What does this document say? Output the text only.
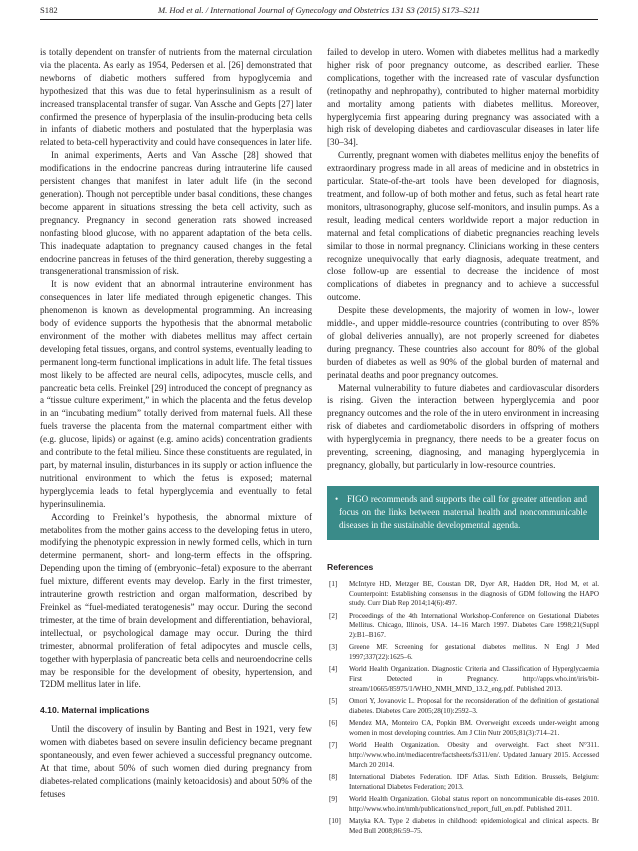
S182	M. Hod et al. / International Journal of Gynecology and Obstetrics 131 S3 (2015) S173–S211

is totally dependent on transfer of nutrients from the maternal circulation via the placenta. As early as 1954, Pedersen et al. [26] demonstrated that newborns of diabetic mothers suffered from hypoglycemia and hypothesized that this was due to fetal hyperinsulinism as a result of increased transplacental transfer of sugar. Van Assche and Gepts [27] later confirmed the presence of hyperplasia of the insulin-producing beta cells in infants of diabetic mothers and postulated that the hyperplasia was related to beta-cell hyperactivity and could have consequences in later life.

In animal experiments, Aerts and Van Assche [28] showed that modifications in the endocrine pancreas during intrauterine life caused persistent changes that manifest in later adult life (in the second generation). Though not perceptible under basal conditions, these changes become apparent in situations stressing the beta cell activity, such as pregnancy. Pregnancy in second generation rats showed increased nonfasting blood glucose, with no apparent adaptation of the beta cells. This inadequate adaptation to pregnancy caused changes in the fetal endocrine pancreas in fetuses of the third generation, thereby suggesting a transgenerational transmission of risk.

It is now evident that an abnormal intrauterine environment has consequences in later life mediated through epigenetic changes. This phenomenon is known as developmental programming. An increasing body of evidence supports the hypothesis that the abnormal metabolic environment of the mother with diabetes mellitus may affect certain developing fetal tissues, organs, and control systems, eventually leading to permanent long-term functional implications in adult life. The fetal tissues most likely to be affected are neural cells, adipocytes, muscle cells, and pancreatic beta cells. Freinkel [29] introduced the concept of pregnancy as a “tissue culture experiment,” in which the placenta and the fetus develop in an “incubating medium” totally derived from maternal fuels. All these fuels traverse the placenta from the maternal compartment either with (e.g. glucose, lipids) or against (e.g. amino acids) concentration gradients and contribute to the fetal milieu. Since these constituents are regulated, in part, by maternal insulin, disturbances in its supply or action influence the nutritional environment to which the fetus is exposed; maternal hyperglycemia leads to fetal hyperglycemia and eventually to fetal hyperinsulinemia.

According to Freinkel’s hypothesis, the abnormal mixture of metabolites from the mother gains access to the developing fetus in utero, modifying the phenotypic expression in newly formed cells, which in turn determine permanent, short- and long-term effects in the offspring. Depending upon the timing of (embryonic–fetal) exposure to the aberrant fuel mixture, different events may develop. Early in the first trimester, intrauterine growth restriction and organ malformation, described by Freinkel as “fuel-mediated teratogenesis” may occur. During the second trimester, at the time of brain development and differentiation, behavioral, intellectual, or psychological damage may occur. During the third trimester, abnormal proliferation of fetal adipocytes and muscle cells, together with hyperplasia of pancreatic beta cells and neuroendocrine cells may be responsible for the development of obesity, hypertension, and T2DM mellitus later in life.

4.10. Maternal implications

Until the discovery of insulin by Banting and Best in 1921, very few women with diabetes based on severe insulin deficiency became pregnant spontaneously, and even fewer achieved a successful pregnancy outcome. At that time, about 50% of such women died during pregnancy from diabetes-related complications (mainly ketoacidosis) and about 50% of the fetuses

failed to develop in utero. Women with diabetes mellitus had a markedly higher risk of poor pregnancy outcome, as described earlier. These complications, together with the increased rate of vascular dysfunction (retinopathy and nephropathy), contributed to higher maternal morbidity and mortality among patients with diabetes mellitus. Moreover, hyperglycemia first appearing during pregnancy was associated with a high risk of developing diabetes and cardiovascular diseases in later life [30–34].

Currently, pregnant women with diabetes mellitus enjoy the benefits of extraordinary progress made in all areas of medicine and in obstetrics in particular. State-of-the-art tools have been developed for diagnosis, treatment, and follow-up of both mother and fetus, such as fetal heart rate monitors, ultrasonography, glucose self-monitors, and insulin pumps. As a result, leading medical centers worldwide report a major reduction in maternal and fetal complications of diabetic pregnancies reaching levels similar to those in normal pregnancy. Clinicians working in these centers recognize unequivocally that early diagnosis, adequate treatment, and close follow-up are essential to decrease the incidence of most complications of diabetes in pregnancy and to achieve a successful outcome.

Despite these developments, the majority of women in low-, lower middle-, and upper middle-resource countries (contributing to over 85% of global deliveries annually), are not properly screened for diabetes during pregnancy. These countries also account for 80% of the global burden of diabetes as well as 90% of the global burden of maternal and perinatal deaths and poor pregnancy outcomes.

Maternal vulnerability to future diabetes and cardiovascular disorders is rising. Given the interaction between hyperglycemia and poor pregnancy outcomes and the role of the in utero environment in increasing risk of diabetes and cardiometabolic disorders in offspring of mothers with hyperglycemia in pregnancy, there needs to be a greater focus on preventing, screening, diagnosing, and managing hyperglycemia in pregnancy, globally, but particularly in low-resource countries.

• FIGO recommends and supports the call for greater attention and focus on the links between maternal health and noncommunicable diseases in the sustainable developmental agenda.
References
[1] McIntyre HD, Metzger BE, Coustan DR, Dyer AR, Hadden DR, Hod M, et al. Counterpoint: Establishing consensus in the diagnosis of GDM following the HAPO study. Curr Diab Rep 2014;14(6):497.
[2] Proceedings of the 4th International Workshop-Conference on Gestational Diabetes Mellitus. Chicago, Illinois, USA. 14–16 March 1997. Diabetes Care 1998;21(Suppl 2):B1–B167.
[3] Greene MF. Screening for gestational diabetes mellitus. N Engl J Med 1997;337(22):1625–6.
[4] World Health Organization. Diagnostic Criteria and Classification of Hyperglycaemia First Detected in Pregnancy. http://apps.who.int/iris/bit-stream/10665/85975/1/WHO_NMH_MND_13.2_eng.pdf. Published 2013.
[5] Omori Y, Jovanovic L. Proposal for the reconsideration of the definition of gestational diabetes. Diabetes Care 2005;28(10):2592–3.
[6] Mendez MA, Monteiro CA, Popkin BM. Overweight exceeds under-weight among women in most developing countries. Am J Clin Nutr 2005;81(3):714–21.
[7] World Health Organization. Obesity and overweight. Fact sheet N°311. http://www.who.int/mediacentre/factsheets/fs311/en/. Updated January 2015. Accessed March 20 2014.
[8] International Diabetes Federation. IDF Atlas. Sixth Edition. Brussels, Belgium: International Diabetes Federation; 2013.
[9] World Health Organization. Global status report on noncommunicable dis-eases 2010. http://www.who.int/nmh/publications/ncd_report_full_en.pdf. Published 2011.
[10] Matyka KA. Type 2 diabetes in childhood: epidemiological and clinical aspects. Br Med Bull 2008;86:59–75.
